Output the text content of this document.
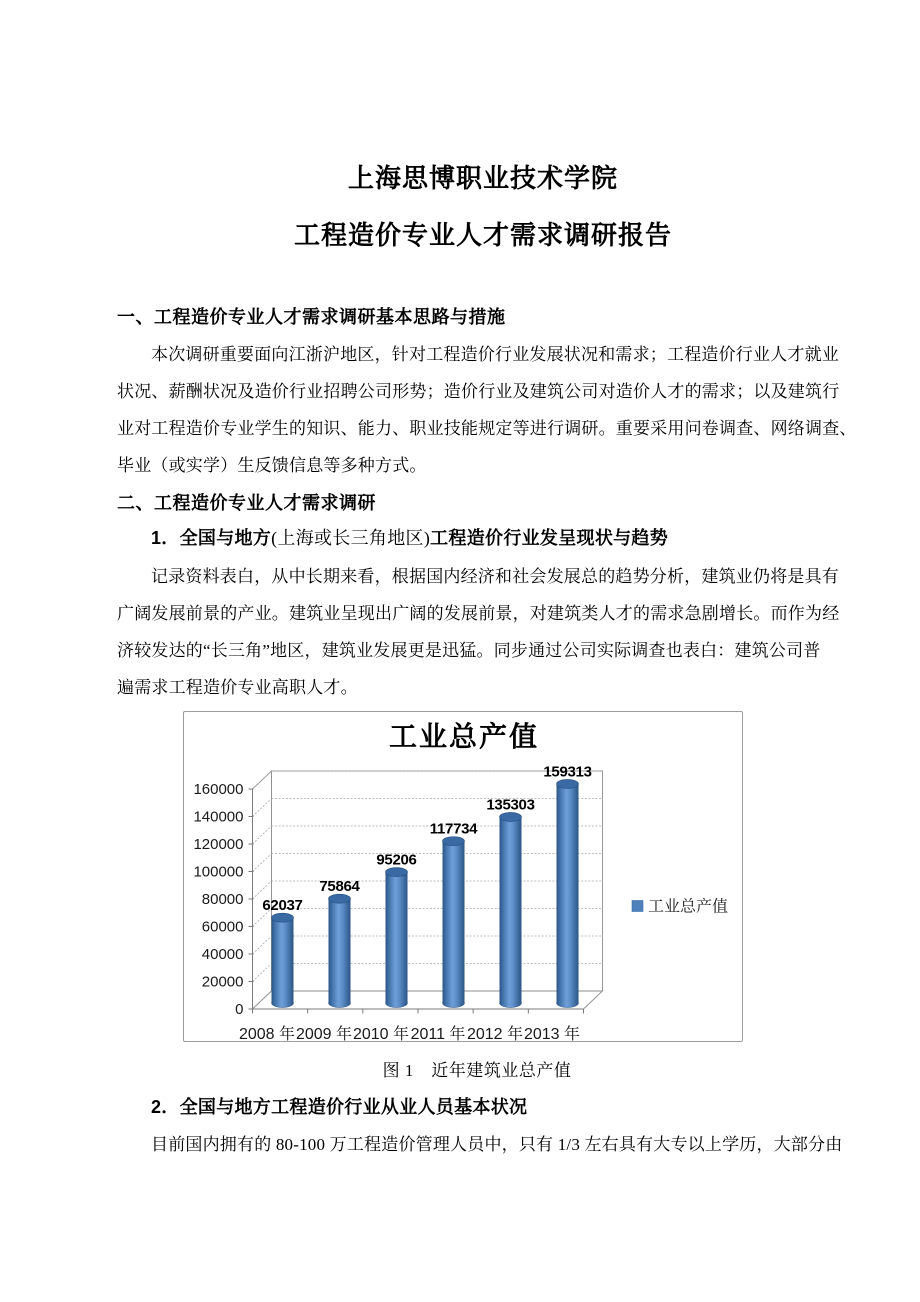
上海思博职业技术学院
工程造价专业人才需求调研报告
一、工程造价专业人才需求调研基本思路与措施
本次调研重要面向江浙沪地区，针对工程造价行业发展状况和需求；工程造价行业人才就业
状况、薪酬状况及造价行业招聘公司形势；造价行业及建筑公司对造价人才的需求；以及建筑行
业对工程造价专业学生的知识、能力、职业技能规定等进行调研。重要采用问卷调查、网络调查、
毕业（或实学）生反馈信息等多种方式。
二、工程造价专业人才需求调研
1．全国与地方(上海或长三角地区)工程造价行业发呈现状与趋势
记录资料表白，从中长期来看，根据国内经济和社会发展总的趋势分析，建筑业仍将是具有
广阔发展前景的产业。建筑业呈现出广阔的发展前景，对建筑类人才的需求急剧增长。而作为经
济较发达的“长三角”地区，建筑业发展更是迅猛。同步通过公司实际调查也表白：建筑公司普
遍需求工程造价专业高职人才。
工业总产值
0
20000
40000
60000
80000
100000
120000
140000
160000
62037
2008 年
75864
2009 年
95206
2010 年
117734
2011 年
135303
2012 年
159313
2013 年
工业总产值
图 1　近年建筑业总产值
2．全国与地方工程造价行业从业人员基本状况
目前国内拥有的 80-100 万工程造价管理人员中，只有 1/3 左右具有大专以上学历，大部分由
